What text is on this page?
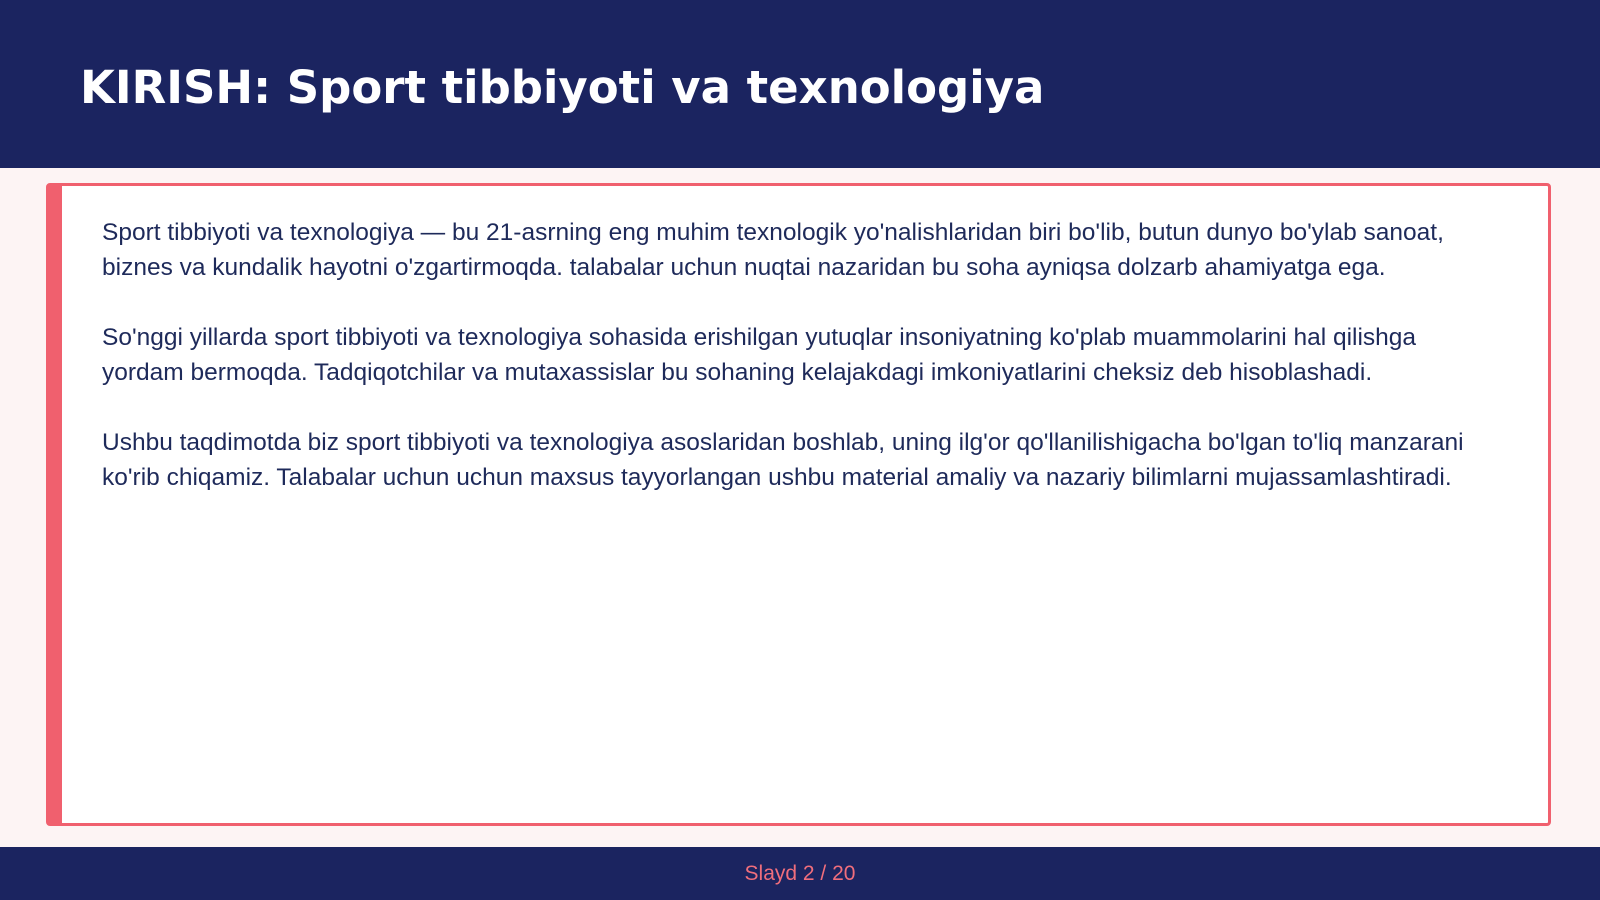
KIRISH: Sport tibbiyoti va texnologiya

Sport tibbiyoti va texnologiya — bu 21-asrning eng muhim texnologik yo'nalishlaridan biri bo'lib, butun dunyo bo'ylab sanoat, biznes va kundalik hayotni o'zgartirmoqda. talabalar uchun nuqtai nazaridan bu soha ayniqsa dolzarb ahamiyatga ega.

So'nggi yillarda sport tibbiyoti va texnologiya sohasida erishilgan yutuqlar insoniyatning ko'plab muammolarini hal qilishga yordam bermoqda. Tadqiqotchilar va mutaxassislar bu sohaning kelajakdagi imkoniyatlarini cheksiz deb hisoblashadi.

Ushbu taqdimotda biz sport tibbiyoti va texnologiya asoslaridan boshlab, uning ilg'or qo'llanilishigacha bo'lgan to'liq manzarani ko'rib chiqamiz. Talabalar uchun uchun maxsus tayyorlangan ushbu material amaliy va nazariy bilimlarni mujassamlashtiradi.

Slayd 2 / 20
